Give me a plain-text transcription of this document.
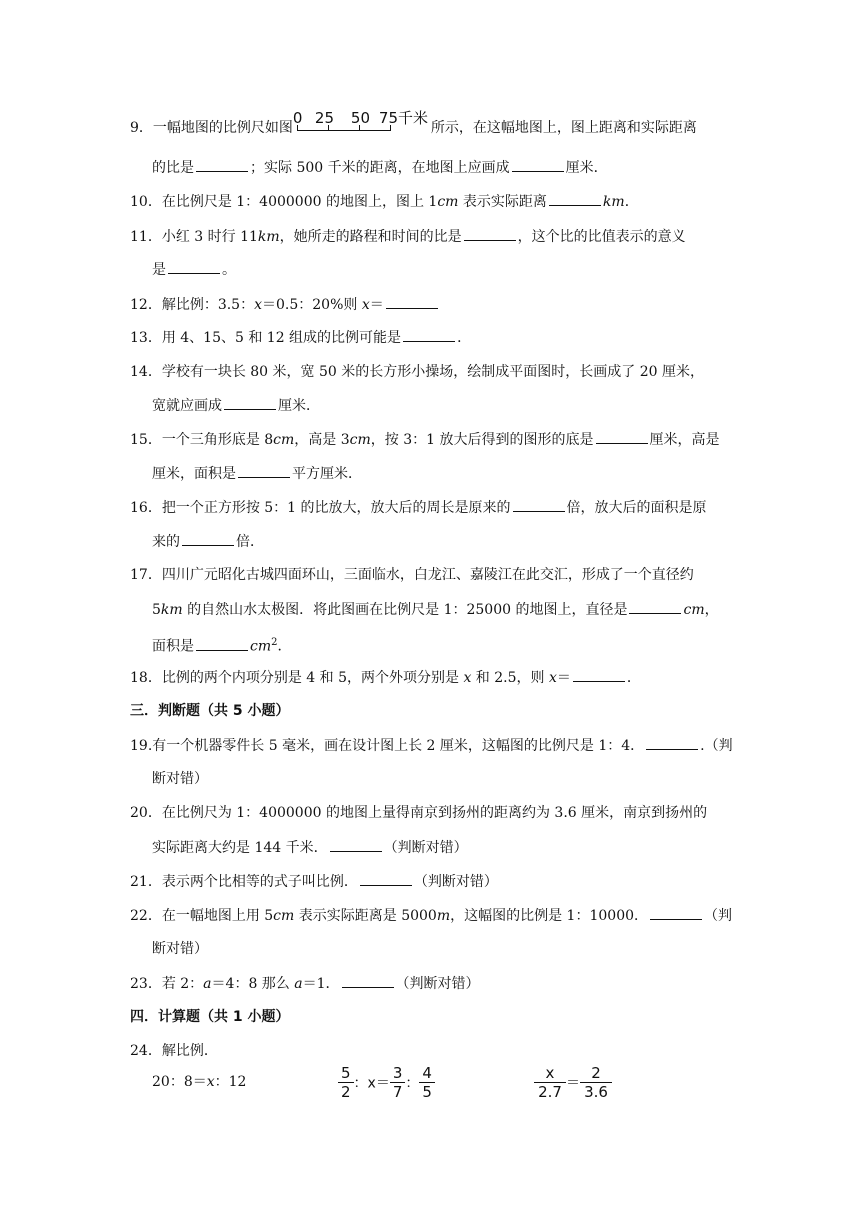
9．一幅地图的比例尺如图
0 25 50 75千米
所示，在这幅地图上，图上距离和实际距离
的比是	；实际 500 千米的距离，在地图上应画成	厘米．
10．在比例尺是 1：4000000 的地图上，图上 1cm 表示实际距离	km．
11．小红 3 时行 11km，她所走的路程和时间的比是	，这个比的比值表示的意义
是	。
12．解比例：3.5：x＝0.5：20%则 x＝
13．用 4、15、5 和 12 组成的比例可能是	．
14．学校有一块长 80 米，宽 50 米的长方形小操场，绘制成平面图时，长画成了 20 厘米，
宽就应画成	厘米．
15．一个三角形底是 8cm，高是 3cm，按 3：1 放大后得到的图形的底是	厘米，高是
厘米，面积是	平方厘米．
16．把一个正方形按 5：1 的比放大，放大后的周长是原来的	倍，放大后的面积是原
来的	倍．
17．四川广元昭化古城四面环山，三面临水，白龙江、嘉陵江在此交汇，形成了一个直径约
5km 的自然山水太极图．将此图画在比例尺是 1：25000 的地图上，直径是	cm，
面积是	$cm^2$．
18．比例的两个内项分别是 4 和 5，两个外项分别是 x 和 2.5，则 x＝	．
三．判断题（共 5 小题）
19.有一个机器零件长 5 毫米，画在设计图上长 2 厘米，这幅图的比例尺是 1：4．	.（判
断对错）
20．在比例尺为 1：4000000 的地图上量得南京到扬州的距离约为 3.6 厘米，南京到扬州的
实际距离大约是 144 千米．	（判断对错）
21．表示两个比相等的式子叫比例．	（判断对错）
22．在一幅地图上用 5cm 表示实际距离是 5000m，这幅图的比例是 1：10000．	（判
断对错）
23．若 2：a＝4：8 那么 a＝1．	（判断对错）
四．计算题（共 1 小题）
24．解比例．
20：8＝x：12	$\frac{5}{2}$ ：$x= \frac{3}{7}$ ： $\frac{4}{5}$	$\frac{x}{2.7} = \frac{2}{3.6}$
